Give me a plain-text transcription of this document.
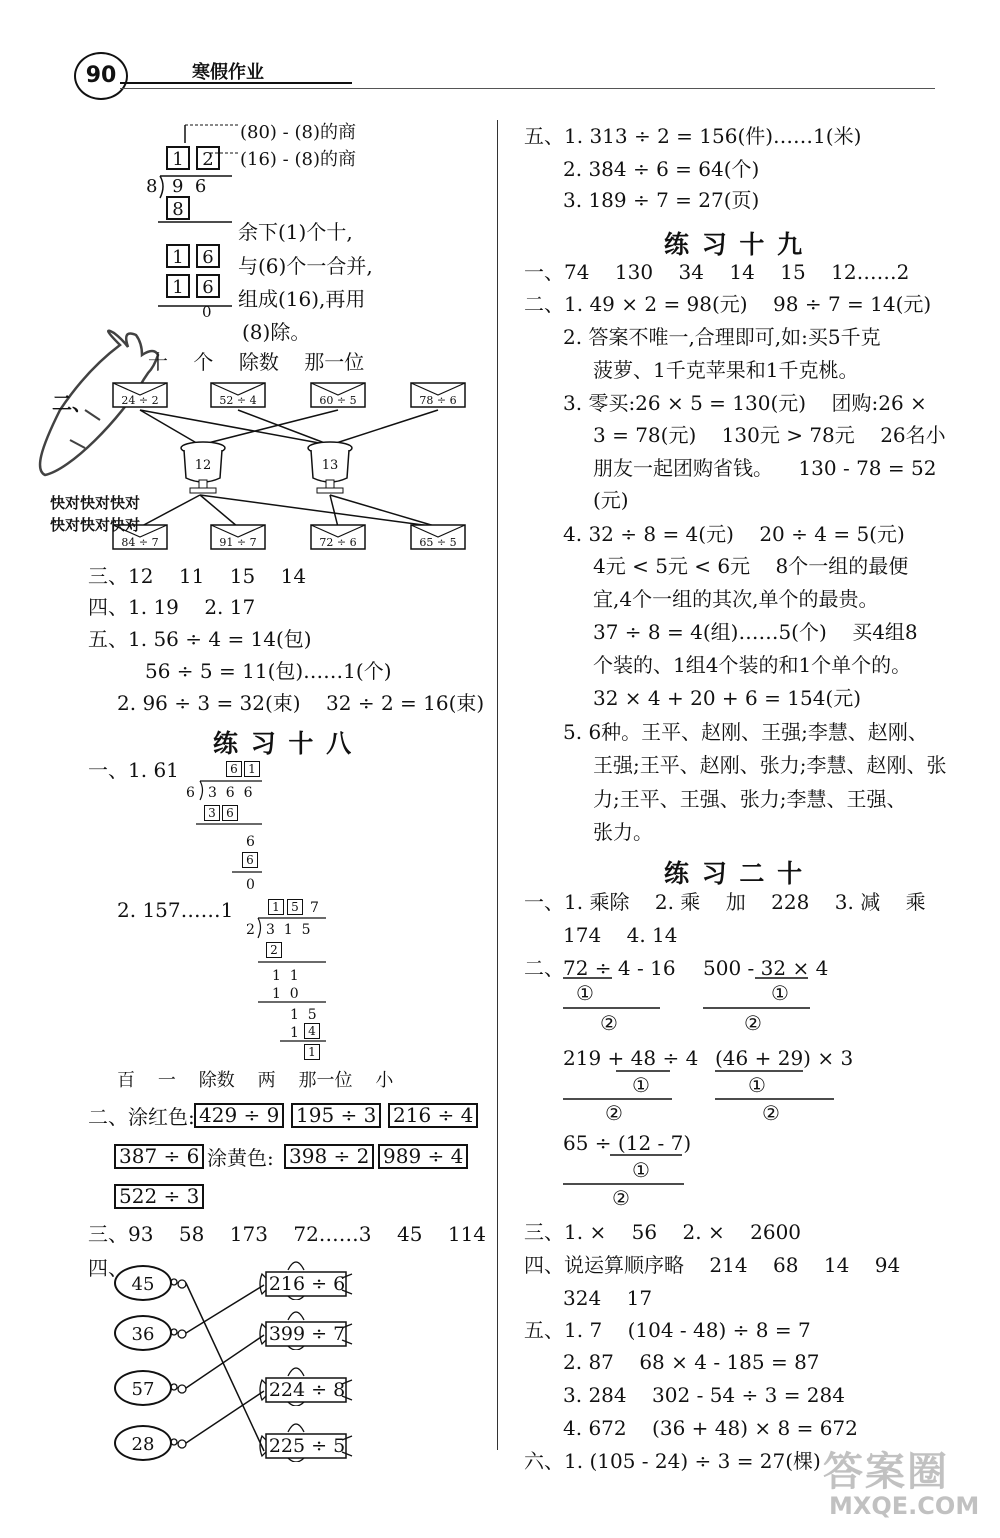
90	寒假作业
(80) - (8)的商
(16) - (8)的商
1	2
8 9  6
8
1	6
1	6
0
余下(1)个十,
与(6)个一合并,
组成(16),再用
(8)除。
十    个    除数    那一位
二、	24 ÷ 2	52 ÷ 4	60 ÷ 5	78 ÷ 6
84 ÷ 7	91 ÷ 7	72 ÷ 6	65 ÷ 5
12	13
快对快对快对
快对快对快对
三、12    11    15    14
四、1. 19    2. 17
五、1. 56 ÷ 4 = 14(包)
56 ÷ 5 = 11(包)……1(个)
2. 96 ÷ 3 = 32(束)    32 ÷ 2 = 16(束)
练 习 十 八
一、1. 61	6 1
6 3  6  6
3 6
6
6
0
2. 157……1	1 5 7
2 3  1  5
2
1  1
1  0
1  5
1 4
1
百    一    除数    两    那一位    小
二、涂红色: 429 ÷ 9 195 ÷ 3 216 ÷ 4
387 ÷ 6 涂黄色: 398 ÷ 2 989 ÷ 4
522 ÷ 3
三、93    58    173    72……3    45    114
四、
45
36
57
28
216 ÷ 6
399 ÷ 7
224 ÷ 8
225 ÷ 5
五、1. 313 ÷ 2 = 156(件)……1(米)
2. 384 ÷ 6 = 64(个)
3. 189 ÷ 7 = 27(页)
练 习 十 九
一、74    130    34    14    15    12……2
二、1. 49 × 2 = 98(元)    98 ÷ 7 = 14(元)
2. 答案不唯一,合理即可,如:买5千克
菠萝、1千克苹果和1千克桃。
3. 零买:26 × 5 = 130(元)    团购:26 ×
3 = 78(元)    130元 > 78元    26名小
朋友一起团购省钱。    130 - 78 = 52
(元)
4. 32 ÷ 8 = 4(元)    20 ÷ 4 = 5(元)
4元 < 5元 < 6元    8个一组的最便
宜,4个一组的其次,单个的最贵。
37 ÷ 8 = 4(组)……5(个)    买4组8
个装的、1组4个装的和1个单个的。
32 × 4 + 20 + 6 = 154(元)
5. 6种。王平、赵刚、王强;李慧、赵刚、
王强;王平、赵刚、张力;李慧、赵刚、张
力;王平、王强、张力;李慧、王强、
张力。
练 习 二 十
一、1. 乘除    2. 乘    加    228    3. 减    乘
174    4. 14
二、 72 ÷ 4 - 16
①
②
500 - 32 × 4
①
②
219 + 48 ÷ 4
①
②
(46 + 29) × 3
①
②
65 ÷ (12 - 7)
①
②
三、1. ×    56    2. ×    2600
四、说运算顺序略    214    68    14    94
324    17
五、1. 7    (104 - 48) ÷ 8 = 7
2. 87    68 × 4 - 185 = 87
3. 284    302 - 54 ÷ 3 = 284
4. 672    (36 + 48) × 8 = 672
六、1. (105 - 24) ÷ 3 = 27(棵) 答案圈
MXQE.COM
